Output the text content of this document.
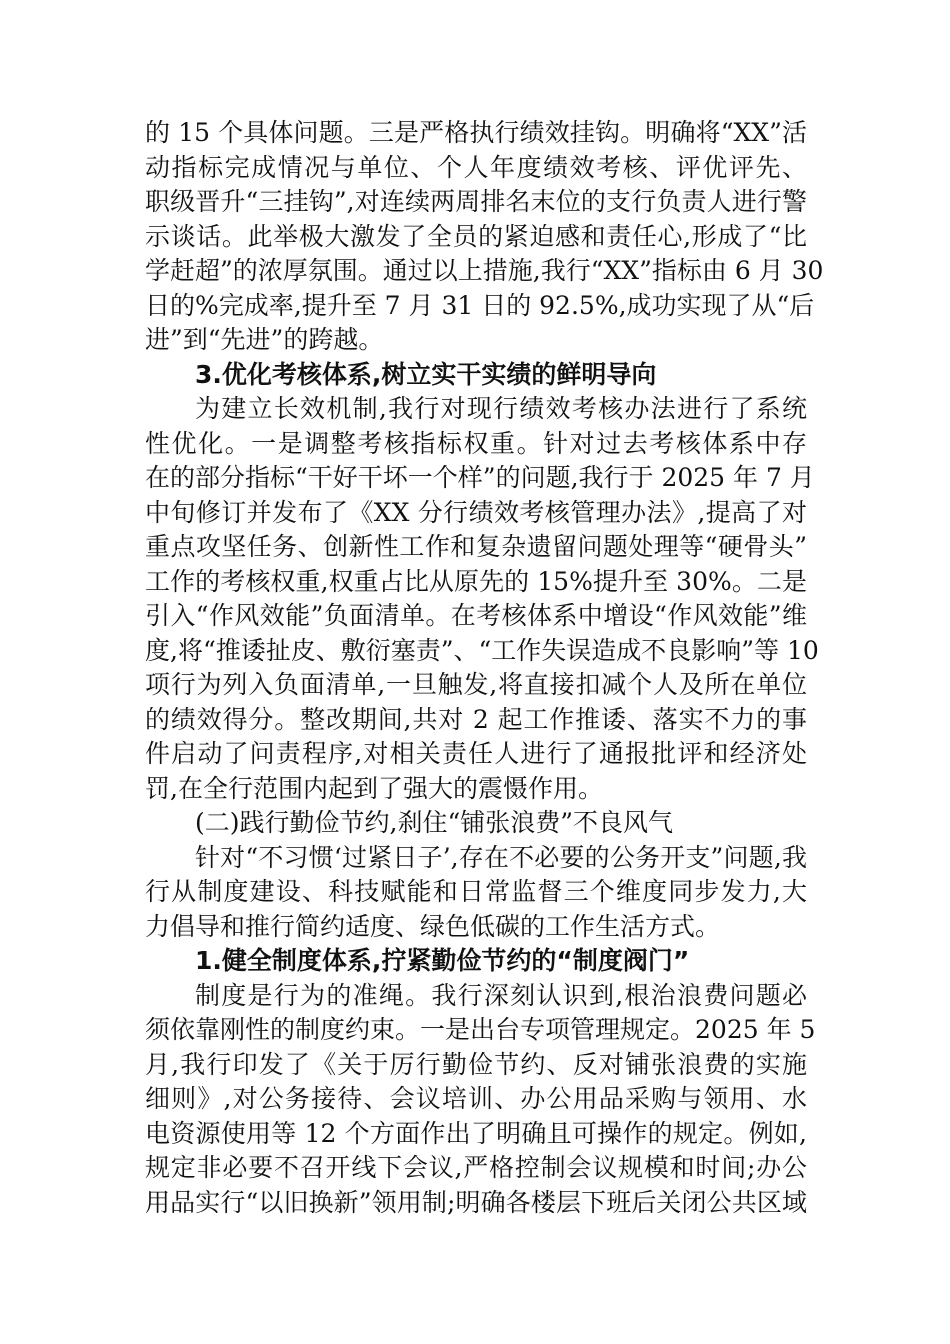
的 15 个具体问题。三是严格执行绩效挂钩。明确将“XX”活
动指标完成情况与单位、个人年度绩效考核、评优评先、
职级晋升“三挂钩”,对连续两周排名末位的支行负责人进行警
示谈话。此举极大激发了全员的紧迫感和责任心,形成了“比
学赶超”的浓厚氛围。通过以上措施,我行“XX”指标由 6 月 30
日的%完成率,提升至 7 月 31 日的 92.5%,成功实现了从“后
进”到“先进”的跨越。
3.优化考核体系,树立实干实绩的鲜明导向
为建立长效机制,我行对现行绩效考核办法进行了系统
性优化。一是调整考核指标权重。针对过去考核体系中存
在的部分指标“干好干坏一个样”的问题,我行于 2025 年 7 月
中旬修订并发布了《XX 分行绩效考核管理办法》,提高了对
重点攻坚任务、创新性工作和复杂遗留问题处理等“硬骨头”
工作的考核权重,权重占比从原先的 15%提升至 30%。二是
引入“作风效能”负面清单。在考核体系中增设“作风效能”维
度,将“推诿扯皮、敷衍塞责”、“工作失误造成不良影响”等 10
项行为列入负面清单,一旦触发,将直接扣减个人及所在单位
的绩效得分。整改期间,共对 2 起工作推诿、落实不力的事
件启动了问责程序,对相关责任人进行了通报批评和经济处
罚,在全行范围内起到了强大的震慑作用。
(二)践行勤俭节约,刹住“铺张浪费”不良风气
针对“不习惯‘过紧日子’,存在不必要的公务开支”问题,我
行从制度建设、科技赋能和日常监督三个维度同步发力,大
力倡导和推行简约适度、绿色低碳的工作生活方式。
1.健全制度体系,拧紧勤俭节约的“制度阀门”
制度是行为的准绳。我行深刻认识到,根治浪费问题必
须依靠刚性的制度约束。一是出台专项管理规定。2025 年 5
月,我行印发了《关于厉行勤俭节约、反对铺张浪费的实施
细则》,对公务接待、会议培训、办公用品采购与领用、水
电资源使用等 12 个方面作出了明确且可操作的规定。例如,
规定非必要不召开线下会议,严格控制会议规模和时间;办公
用品实行“以旧换新”领用制;明确各楼层下班后关闭公共区域
